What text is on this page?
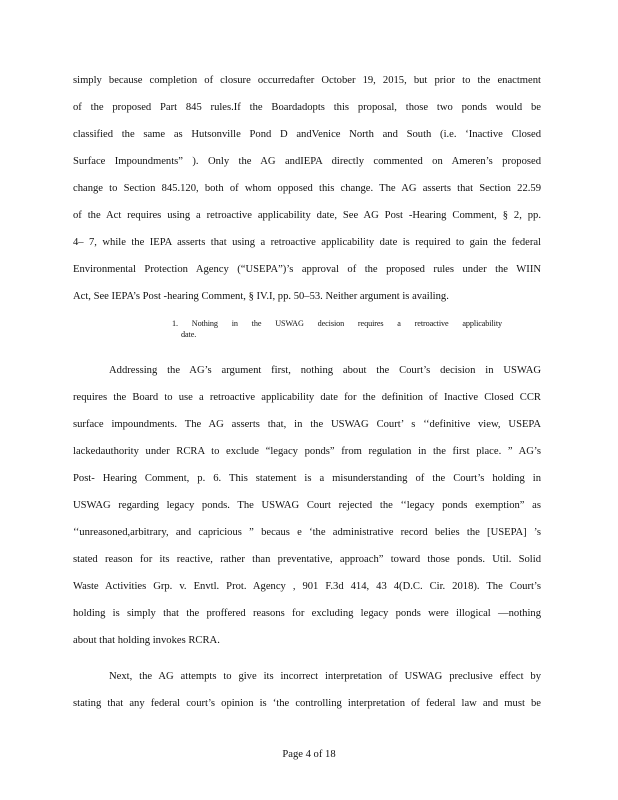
simply because completion of closure occurredafter October 19, 2015, but prior to the enactment
of the proposed Part 845 rules.If the Boardadopts this proposal, those two ponds would be
classified the same as Hutsonville Pond D andVenice North and South (i.e. ‘Inactive Closed
Surface Impoundments” ). Only the AG andIEPA directly commented on Ameren’s proposed
change to Section 845.120, both of whom opposed this change. The AG asserts that Section 22.59
of the Act requires using a retroactive applicability date, See AG Post -Hearing Comment, § 2, pp.
4– 7, while the IEPA asserts that using a retroactive applicability date is required to gain the federal
Environmental Protection Agency (“USEPA”)’s approval of the proposed rules under the WIIN
Act, See IEPA’s Post -hearing Comment, § IV.I, pp. 50–53. Neither argument is availing.
1. Nothing in the USWAG decision requires a retroactive applicability
date.
Addressing the AG’s argument first, nothing about the Court’s decision in USWAG
requires the Board to use a retroactive applicability date for the definition of Inactive Closed CCR
surface impoundments. The AG asserts that, in the USWAG Court’ s ‘‘definitive view, USEPA
lackedauthority under RCRA to exclude “legacy ponds” from regulation in the first place. ” AG’s
Post- Hearing Comment, p. 6. This statement is a misunderstanding of the Court’s holding in
USWAG regarding legacy ponds. The USWAG Court rejected the ‘‘legacy ponds exemption” as
‘‘unreasoned,arbitrary, and capricious ” becaus e ‘the administrative record belies the [USEPA] ’s
stated reason for its reactive, rather than preventative, approach” toward those ponds. Util. Solid
Waste Activities Grp. v. Envtl. Prot. Agency , 901 F.3d 414, 43 4(D.C. Cir. 2018). The Court’s
holding is simply that the proffered reasons for excluding legacy ponds were illogical —nothing
about that holding invokes RCRA.
Next, the AG attempts to give its incorrect interpretation of USWAG preclusive effect by
stating that any federal court’s opinion is ‘the controlling interpretation of federal law and must be
Page 4 of 18
